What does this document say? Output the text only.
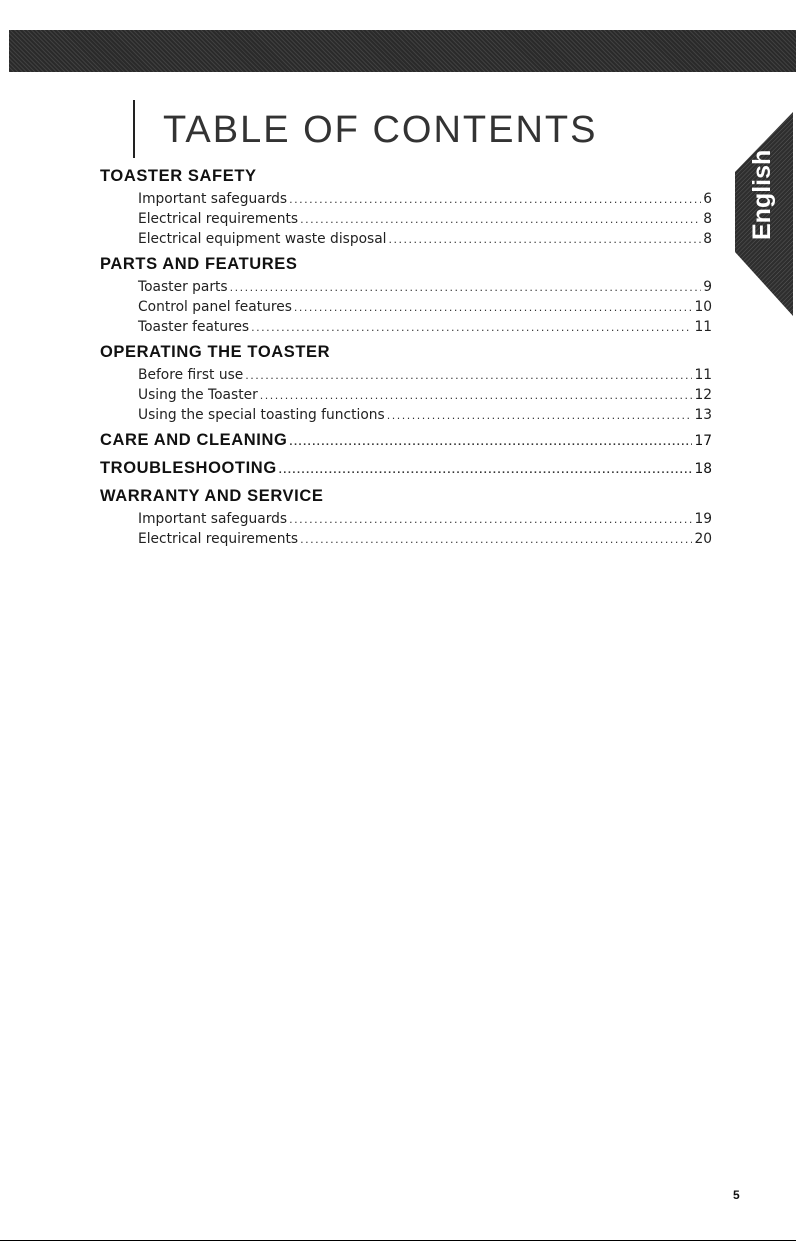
TABLE OF CONTENTS
English
TOASTER SAFETY
Important safeguards .....	6
Electrical requirements .....	8
Electrical equipment waste disposal .....	8
PARTS AND FEATURES
Toaster parts .....	9
Control panel features .....	10
Toaster features .....	11
OPERATING THE TOASTER
Before first use .....	11
Using the Toaster .....	12
Using the special toasting functions .....	13
CARE AND CLEANING .....	17
TROUBLESHOOTING .....	18
WARRANTY AND SERVICE
Important safeguards .....	19
Electrical requirements .....	20
5
